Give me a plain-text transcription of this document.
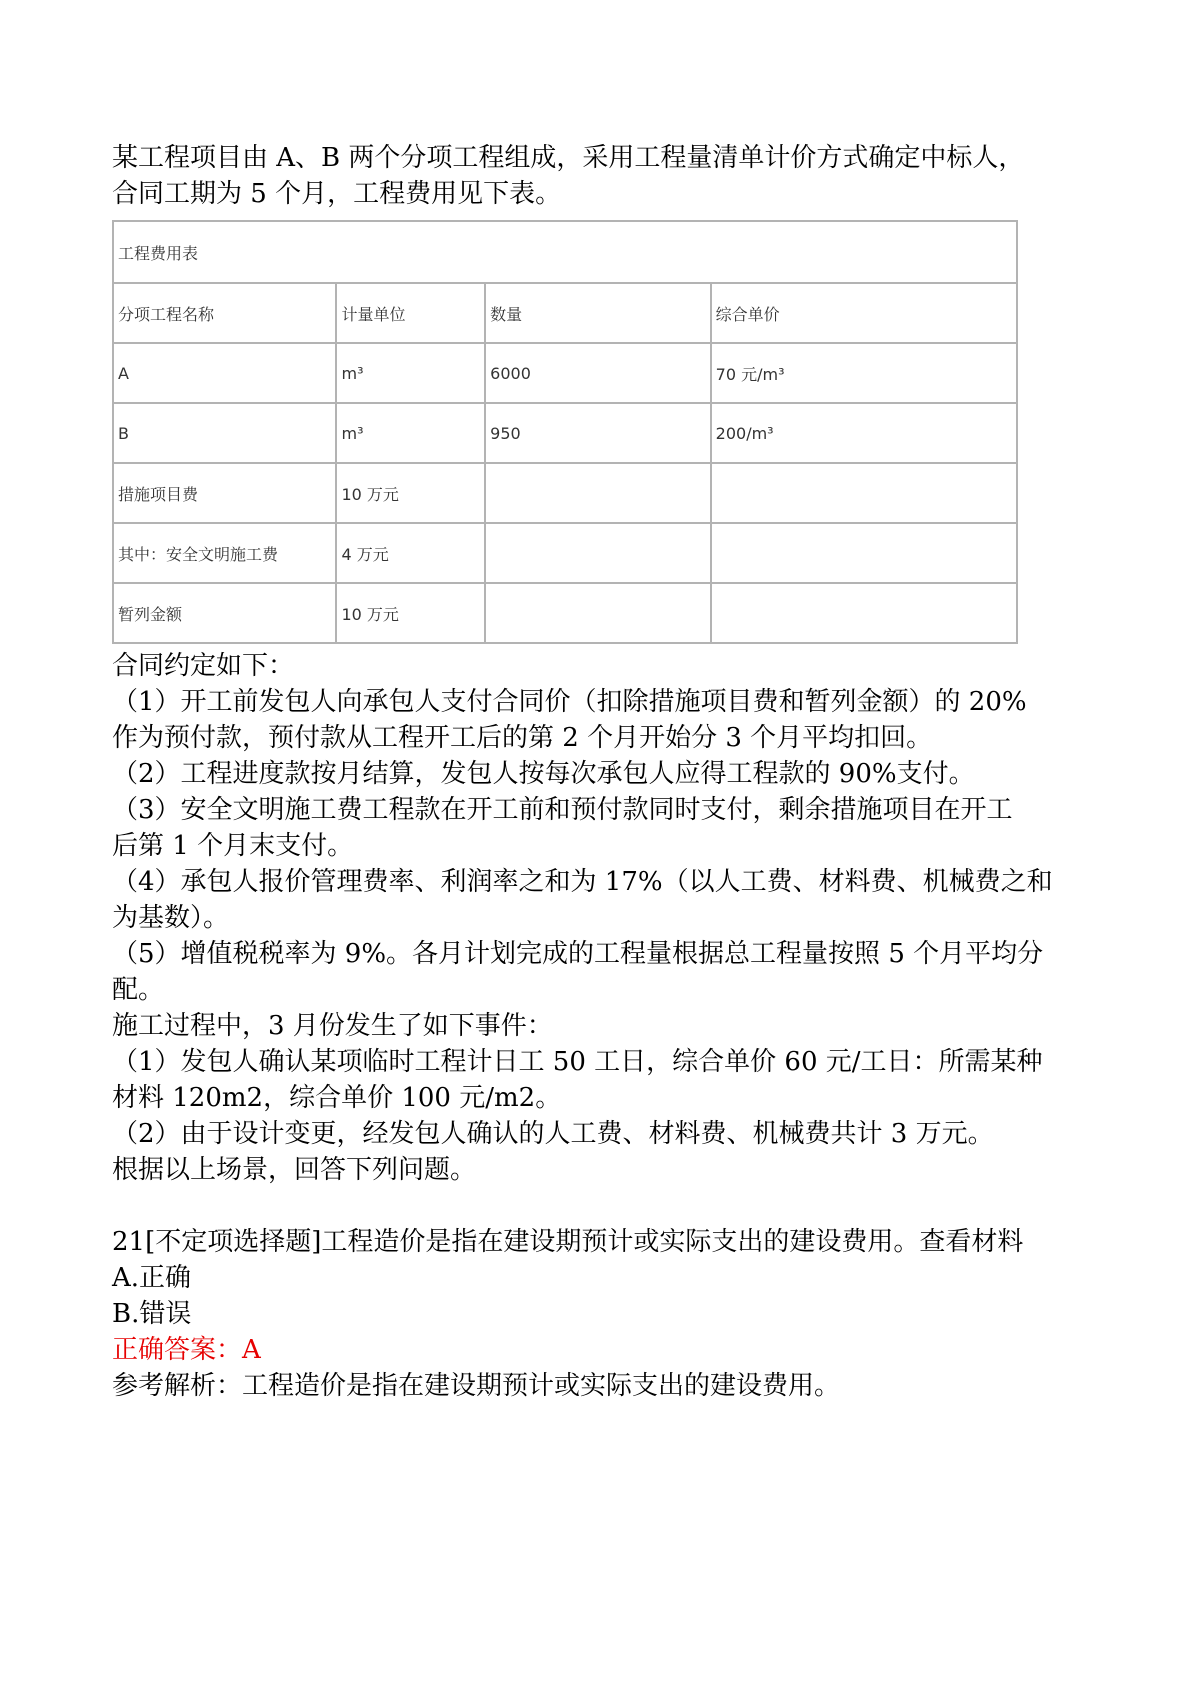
某工程项目由 A、B 两个分项工程组成，采用工程量清单计价方式确定中标人，
合同工期为 5 个月，工程费用见下表。
工程费用表			
分项工程名称	计量单位	数量	综合单价
A	m³	6000	70 元/m³
B	m³	950	200/m³
措施项目费	10 万元		
其中：安全文明施工费	4 万元		
暂列金额	10 万元		
合同约定如下：
（1）开工前发包人向承包人支付合同价（扣除措施项目费和暂列金额）的 20%
作为预付款，预付款从工程开工后的第 2 个月开始分 3 个月平均扣回。
（2）工程进度款按月结算，发包人按每次承包人应得工程款的 90%支付。
（3）安全文明施工费工程款在开工前和预付款同时支付，剩余措施项目在开工
后第 1 个月末支付。
（4）承包人报价管理费率、利润率之和为 17%（以人工费、材料费、机械费之和
为基数）。
（5）增值税税率为 9%。各月计划完成的工程量根据总工程量按照 5 个月平均分
配。
施工过程中，3 月份发生了如下事件：
（1）发包人确认某项临时工程计日工 50 工日，综合单价 60 元/工日：所需某种
材料 120m2，综合单价 100 元/m2。
（2）由于设计变更，经发包人确认的人工费、材料费、机械费共计 3 万元。
根据以上场景，回答下列问题。
21[不定项选择题]工程造价是指在建设期预计或实际支出的建设费用。查看材料
A.正确
B.错误
正确答案：A
参考解析：工程造价是指在建设期预计或实际支出的建设费用。
